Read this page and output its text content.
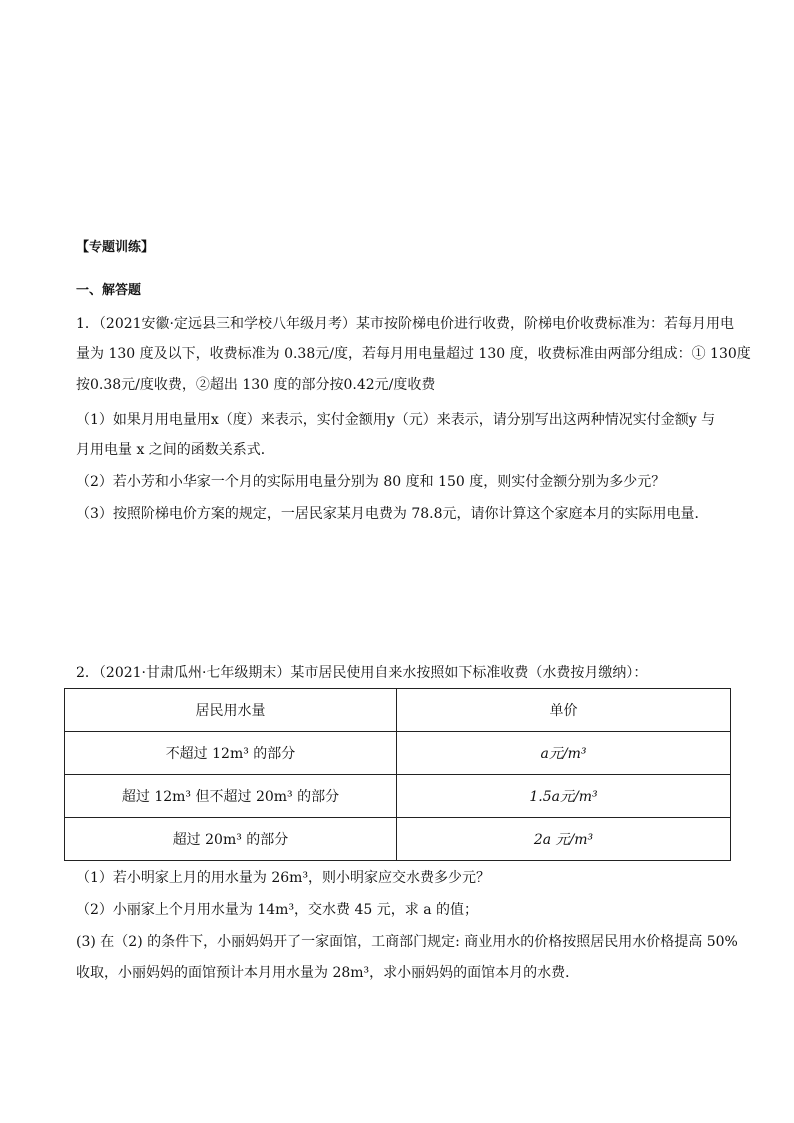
【专题训练】
一、解答题
1．（2021安徽·定远县三和学校八年级月考）某市按阶梯电价进行收费，阶梯电价收费标准为：若每月用电
量为 130 度及以下，收费标准为 0.38元/度，若每月用电量超过 130 度，收费标准由两部分组成：① 130度
按0.38元/度收费，②超出 130 度的部分按0.42元/度收费
（1）如果月用电量用x（度）来表示，实付金额用y（元）来表示，请分别写出这两种情况实付金额y 与
月用电量 x 之间的函数关系式．
（2）若小芳和小华家一个月的实际用电量分别为 80 度和 150 度，则实付金额分别为多少元？
（3）按照阶梯电价方案的规定，一居民家某月电费为 78.8元，请你计算这个家庭本月的实际用电量．
2．（2021·甘肃瓜州·七年级期末）某市居民使用自来水按照如下标准收费（水费按月缴纳）：
居民用水量	单价
不超过 12m³ 的部分	a元/m³
超过 12m³ 但不超过 20m³ 的部分	1.5a元/m³
超过 20m³ 的部分	2a 元/m³
（1）若小明家上月的用水量为 26m³，则小明家应交水费多少元？
（2）小丽家上个月用水量为 14m³，交水费 45 元，求 a 的值；
(3) 在（2) 的条件下，小丽妈妈开了一家面馆，工商部门规定: 商业用水的价格按照居民用水价格提高 50%
收取，小丽妈妈的面馆预计本月用水量为 28m³，求小丽妈妈的面馆本月的水费．
